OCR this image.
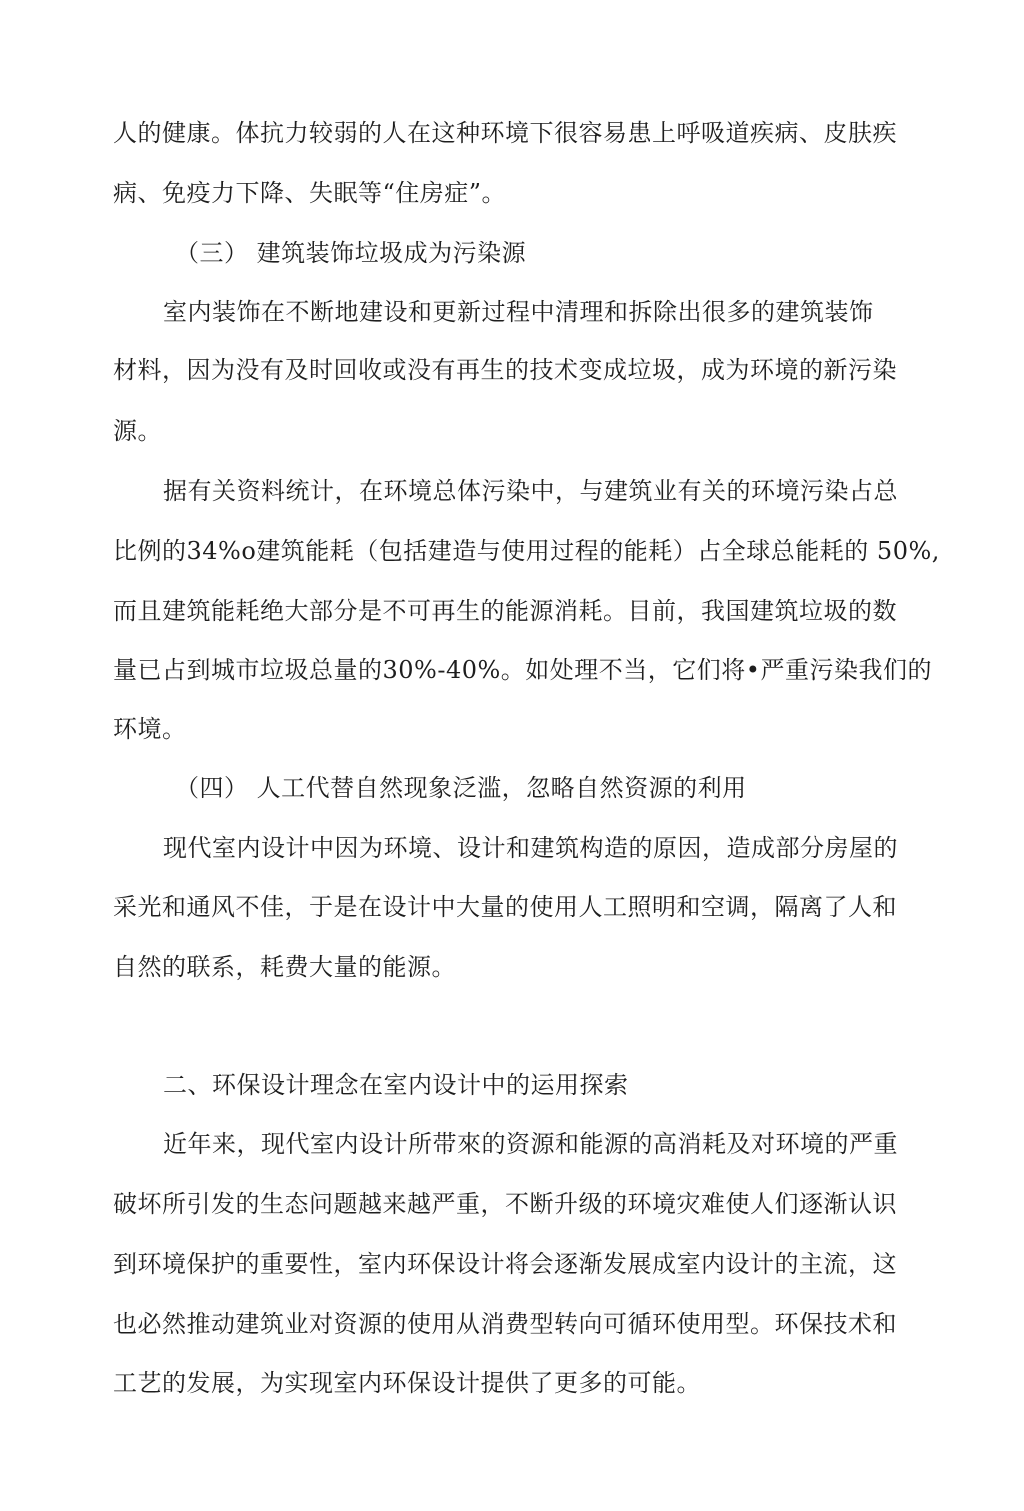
人的健康。体抗力较弱的人在这种环境下很容易患上呼吸道疾病、皮肤疾
病、免疫力下降、失眠等“住房症”。
（三） 建筑装饰垃圾成为污染源
室内装饰在不断地建设和更新过程中清理和拆除出很多的建筑装饰
材料，因为没有及时回收或没有再生的技术变成垃圾，成为环境的新污染
源。
据有关资料统计，在环境总体污染中，与建筑业有关的环境污染占总
比例的34%o建筑能耗（包括建造与使用过程的能耗）占全球总能耗的 50%,
而且建筑能耗绝大部分是不可再生的能源消耗。目前，我国建筑垃圾的数
量已占到城市垃圾总量的30%-40%。如处理不当，它们将•严重污染我们的
环境。
（四） 人工代替自然现象泛滥，忽略自然资源的利用
现代室内设计中因为环境、设计和建筑构造的原因，造成部分房屋的
采光和通风不佳，于是在设计中大量的使用人工照明和空调，隔离了人和
自然的联系，耗费大量的能源。
二、环保设计理念在室内设计中的运用探索
近年来，现代室内设计所带來的资源和能源的高消耗及对环境的严重
破坏所引发的生态问题越来越严重，不断升级的环境灾难使人们逐渐认识
到环境保护的重要性，室内环保设计将会逐渐发展成室内设计的主流，这
也必然推动建筑业对资源的使用从消费型转向可循环使用型。环保技术和
工艺的发展，为实现室内环保设计提供了更多的可能。
